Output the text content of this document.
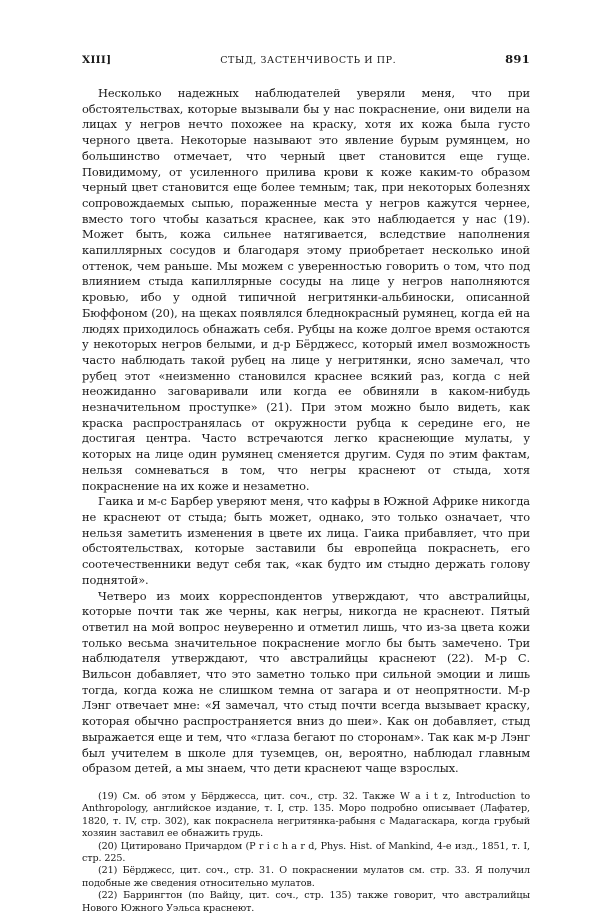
XIII]	СТЫД, ЗАСТЕНЧИВОСТЬ И ПР.	891

Несколько надежных наблюдателей уверяли меня, что при обстоятельствах, которые вызывали бы у нас покраснение, они видели на лицах у негров нечто похожее на краску, хотя их кожа была густо черного цвета. Некоторые называют это явление бурым румянцем, но большинство отмечает, что черный цвет становится еще гуще. Повидимому, от усиленного прилива крови к коже каким-то образом черный цвет становится еще более темным; так, при некоторых болезнях сопровождаемых сыпью, пораженные места у негров кажутся чернее, вместо того чтобы казаться краснее, как это наблюдается у нас (19). Может быть, кожа сильнее натягивается, вследствие наполнения капиллярных сосудов и благодаря этому приобретает несколько иной оттенок, чем раньше. Мы можем с уверенностью говорить о том, что под влиянием стыда капиллярные сосуды на лице у негров наполняются кровью, ибо у одной типичной негритянки-альбиноски, описанной Бюффоном (20), на щеках появлялся бледнокрасный румянец, когда ей на людях приходилось обнажать себя. Рубцы на коже долгое время остаются у некоторых негров белыми, и д-р Бёрджесс, который имел возможность часто наблюдать такой рубец на лице у негритянки, ясно замечал, что рубец этот «неизменно становился краснее всякий раз, когда с ней неожиданно заговаривали или когда ее обвиняли в каком-нибудь незначительном проступке» (21). При этом можно было видеть, как краска распространялась от окружности рубца к середине его, не достигая центра. Часто встречаются легко краснеющие мулаты, у которых на лице один румянец сменяется другим. Судя по этим фактам, нельзя сомневаться в том, что негры краснеют от стыда, хотя покраснение на их коже и незаметно.

Гаика и м-с Барбер уверяют меня, что кафры в Южной Африке никогда не краснеют от стыда; быть может, однако, это только означает, что нельзя заметить изменения в цвете их лица. Гаика прибавляет, что при обстоятельствах, которые заставили бы европейца покраснеть, его соотечественники ведут себя так, «как будто им стыдно держать голову поднятой».

Четверо из моих корреспондентов утверждают, что австралийцы, которые почти так же черны, как негры, никогда не краснеют. Пятый ответил на мой вопрос неуверенно и отметил лишь, что из-за цвета кожи только весьма значительное покраснение могло бы быть замечено. Три наблюдателя утверждают, что австралийцы краснеют (22). М-р С. Вильсон добавляет, что это заметно только при сильной эмоции и лишь тогда, когда кожа не слишком темна от загара и от неопрятности. М-р Лэнг отвечает мне: «Я замечал, что стыд почти всегда вызывает краску, которая обычно распространяется вниз до шеи». Как он добавляет, стыд выражается еще и тем, что «глаза бегают по сторонам». Так как м-р Лэнг был учителем в школе для туземцев, он, вероятно, наблюдал главным образом детей, а мы знаем, что дети краснеют чаще взрослых.

(19) См. об этом у Бёрджесса, цит. соч., стр. 32. Также W a i t z, Introduction to Anthropology, английское издание, т. I, стр. 135. Моро подробно описывает (Лафатер, 1820, т. IV, стр. 302), как покраснела негритянка-рабыня с Мадагаскара, когда грубый хозяин заставил ее обнажить грудь.

(20) Цитировано Причардом (P r i c h a r d, Phys. Hist. of Mankind, 4-е изд., 1851, т. I, стр. 225.

(21) Бёрджесс, цит. соч., стр. 31. О покраснении мулатов см. стр. 33. Я получил подобные же сведения относительно мулатов.

(22) Баррингтон (по Вайцу, цит. соч., стр. 135) также говорит, что австралийцы Нового Южного Уэльса краснеют.
